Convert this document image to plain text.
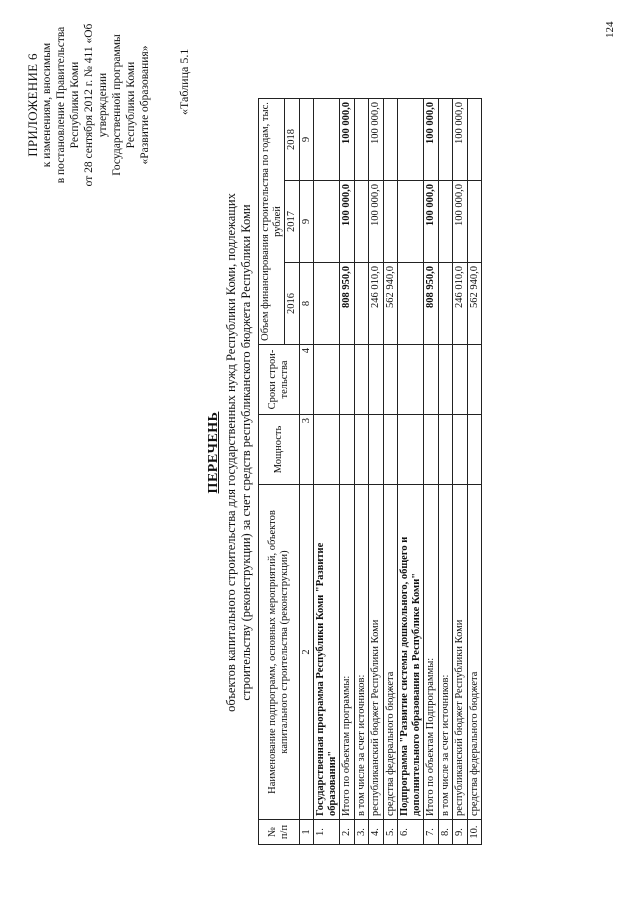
124
ПРИЛОЖЕНИЕ 6 к изменениям, вносимым в постановление Правительства Республики Коми от 28 сентября 2012 г. № 411 «Об утверждении Государственной программы Республики Коми «Развитие образования» «Таблица 5.1
ПЕРЕЧЕНЬ объектов капитального строительства для государственных нужд Республики Коми, подлежащих строительству (реконструкции) за счет средств республиканского бюджета Республики Коми
№ п/п	Наименование подпрограмм, основных мероприятий, объектов капитального строительства (реконструкции)	Мощность	Сроки строи-тельства	Объем финансирования строительства по годам, тыс. рублей		
				2016	2017	2018
1	2	3	4	8	9	9
1.	Государственная программа Республики Коми "Развитие образования"					
2.	Итого по объектам программы:			808 950,0	100 000,0	100 000,0
3.	в том числе за счет источников:					
4.	республиканский бюджет Республики Коми			246 010,0	100 000,0	100 000,0
5.	средства федерального бюджета			562 940,0		
6.	Подпрограмма "Развитие системы дошкольного, общего и дополнительного образования в Республике Коми"					
7.	Итого по объектам Подпрограммы:			808 950,0	100 000,0	100 000,0
8.	в том числе за счет источников:					
9.	республиканский бюджет Республики Коми			246 010,0	100 000,0	100 000,0
10.	средства федерального бюджета			562 940,0		
